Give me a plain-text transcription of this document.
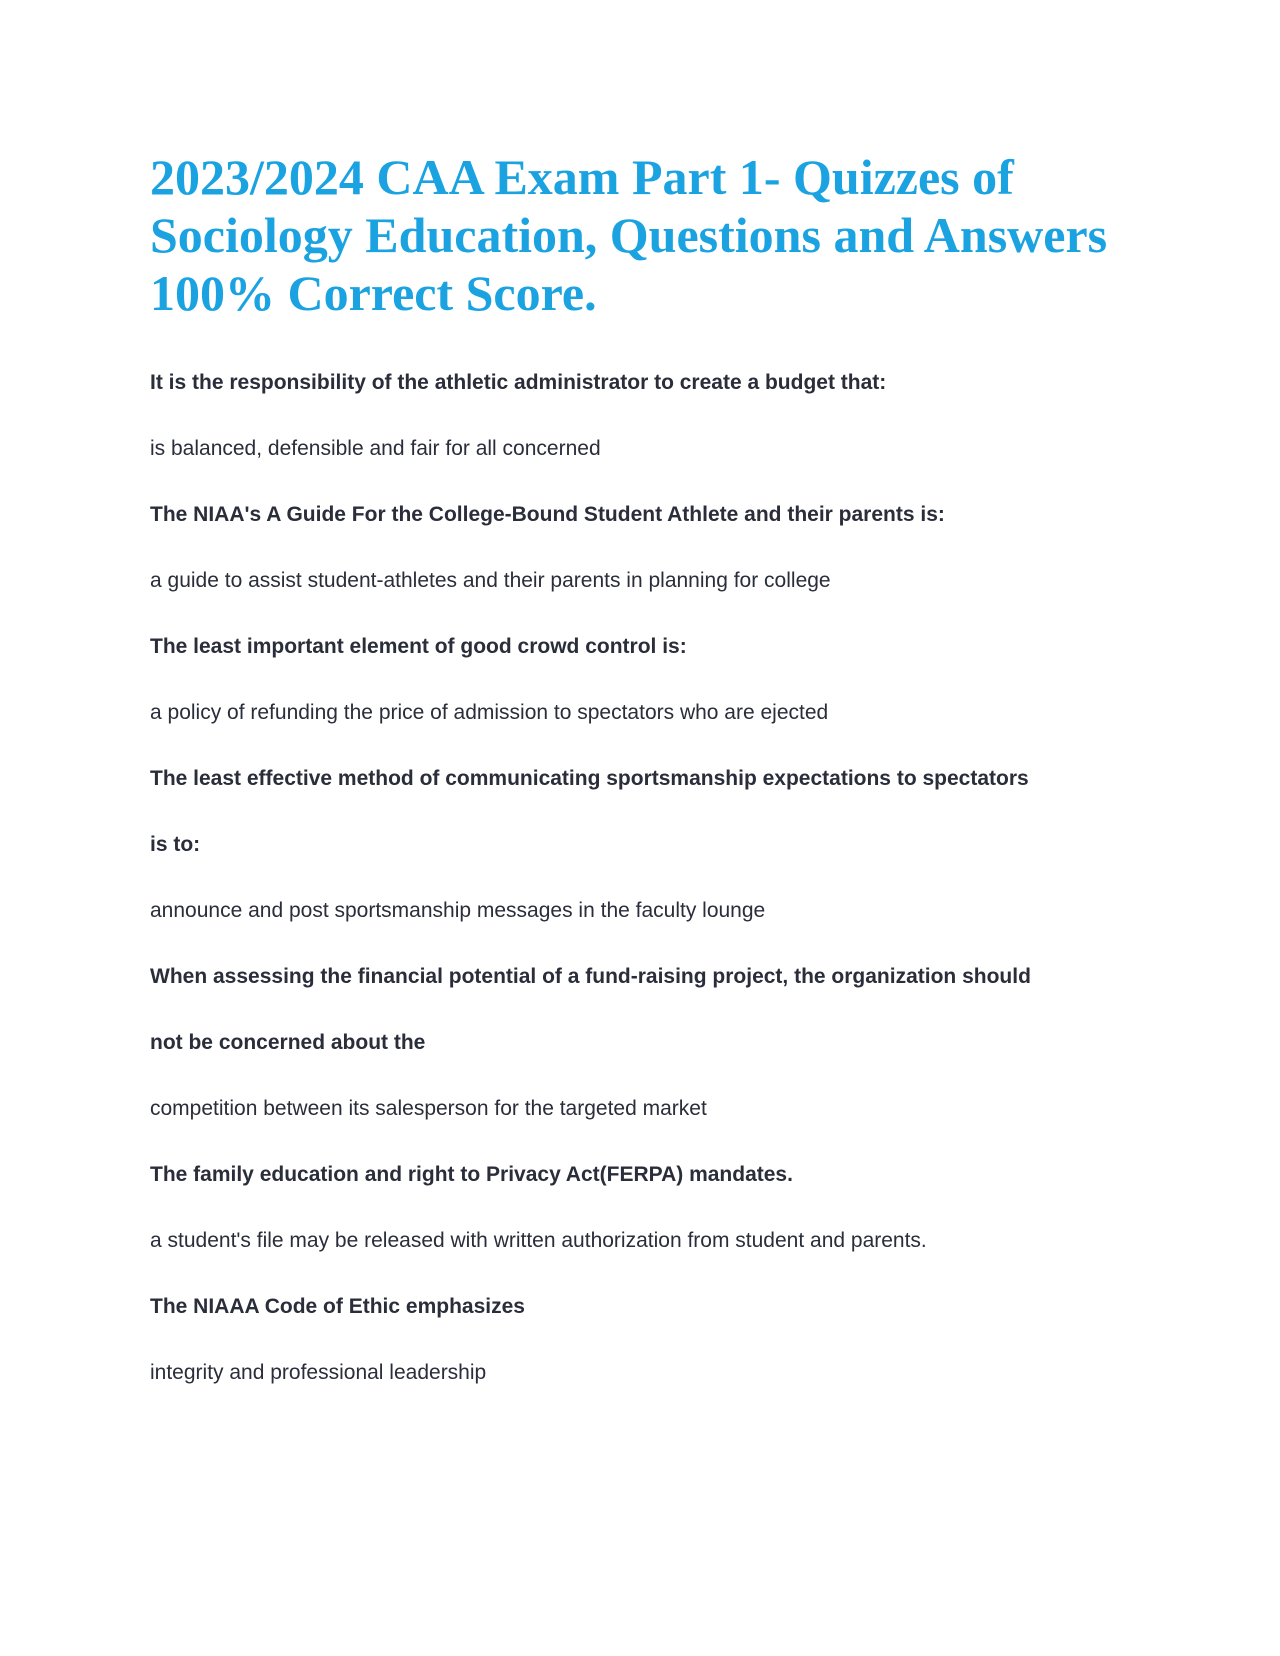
2023/2024 CAA Exam Part 1- Quizzes of Sociology Education, Questions and Answers 100% Correct Score.

It is the responsibility of the athletic administrator to create a budget that:

is balanced, defensible and fair for all concerned

The NIAA's A Guide For the College-Bound Student Athlete and their parents is:

a guide to assist student-athletes and their parents in planning for college

The least important element of good crowd control is:

a policy of refunding the price of admission to spectators who are ejected

The least effective method of communicating sportsmanship expectations to spectators

is to:

announce and post sportsmanship messages in the faculty lounge

When assessing the financial potential of a fund-raising project, the organization should

not be concerned about the

competition between its salesperson for the targeted market

The family education and right to Privacy Act(FERPA) mandates.

a student's file may be released with written authorization from student and parents.

The NIAAA Code of Ethic emphasizes

integrity and professional leadership
